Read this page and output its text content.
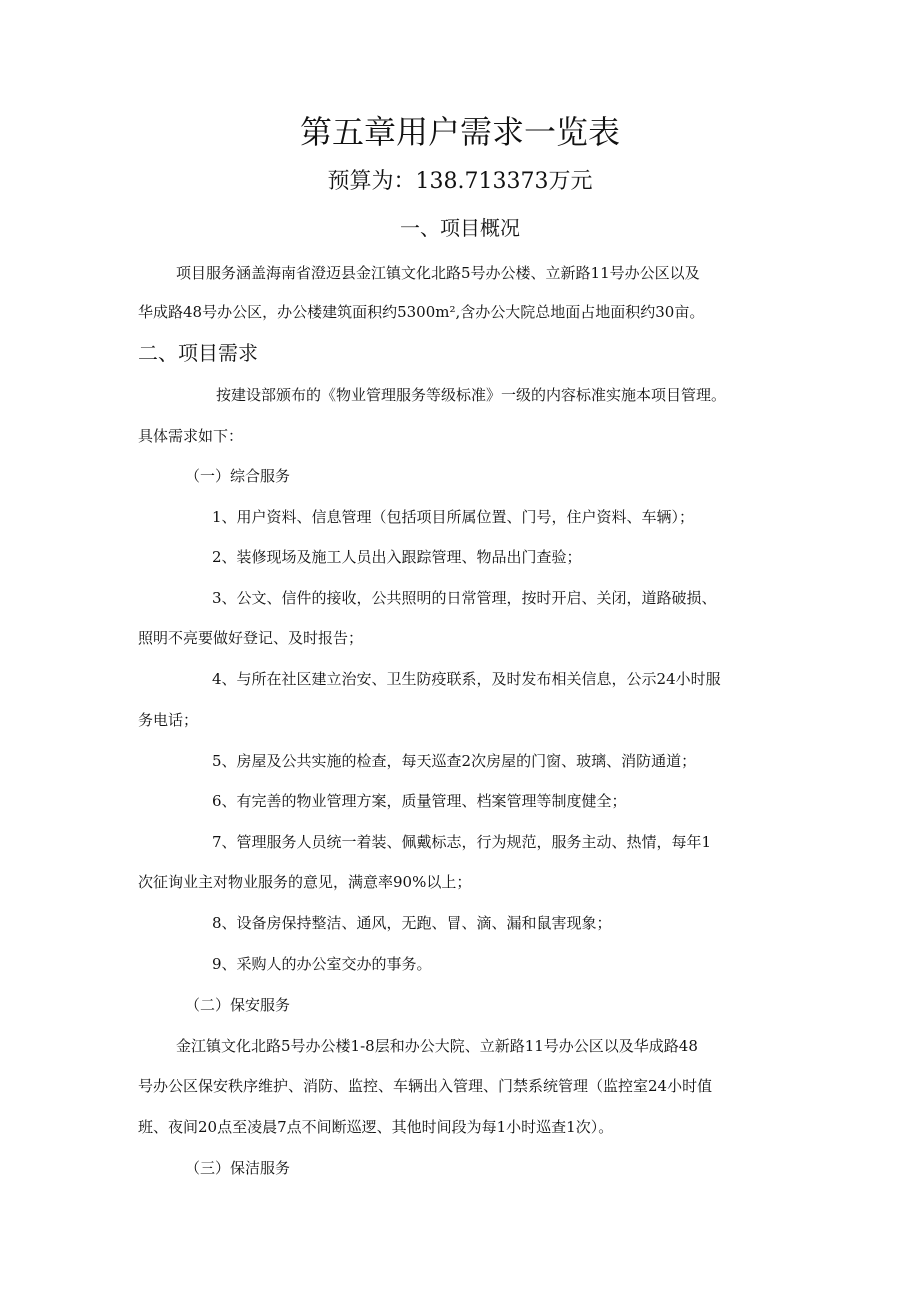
第五章用户需求一览表
预算为：138.713373万元
一、项目概况
项目服务涵盖海南省澄迈县金江镇文化北路5号办公楼、立新路11号办公区以及
华成路48号办公区，办公楼建筑面积约5300m²,含办公大院总地面占地面积约30亩。
二、项目需求
按建设部颁布的《物业管理服务等级标准》一级的内容标准实施本项目管理。
具体需求如下：
（一）综合服务
1、用户资料、信息管理（包括项目所属位置、门号，住户资料、车辆）；
2、装修现场及施工人员出入跟踪管理、物品出门查验；
3、公文、信件的接收，公共照明的日常管理，按时开启、关闭，道路破损、
照明不亮要做好登记、及时报告；
4、与所在社区建立治安、卫生防疫联系，及时发布相关信息，公示24小时服
务电话；
5、房屋及公共实施的检查，每天巡查2次房屋的门窗、玻璃、消防通道；
6、有完善的物业管理方案，质量管理、档案管理等制度健全；
7、管理服务人员统一着装、佩戴标志，行为规范，服务主动、热情，每年1
次征询业主对物业服务的意见，满意率90%以上；
8、设备房保持整洁、通风，无跑、冒、滴、漏和鼠害现象；
9、采购人的办公室交办的事务。
（二）保安服务
金江镇文化北路5号办公楼1-8层和办公大院、立新路11号办公区以及华成路48
号办公区保安秩序维护、消防、监控、车辆出入管理、门禁系统管理（监控室24小时值
班、夜间20点至凌晨7点不间断巡逻、其他时间段为每1小时巡查1次）。
（三）保洁服务
